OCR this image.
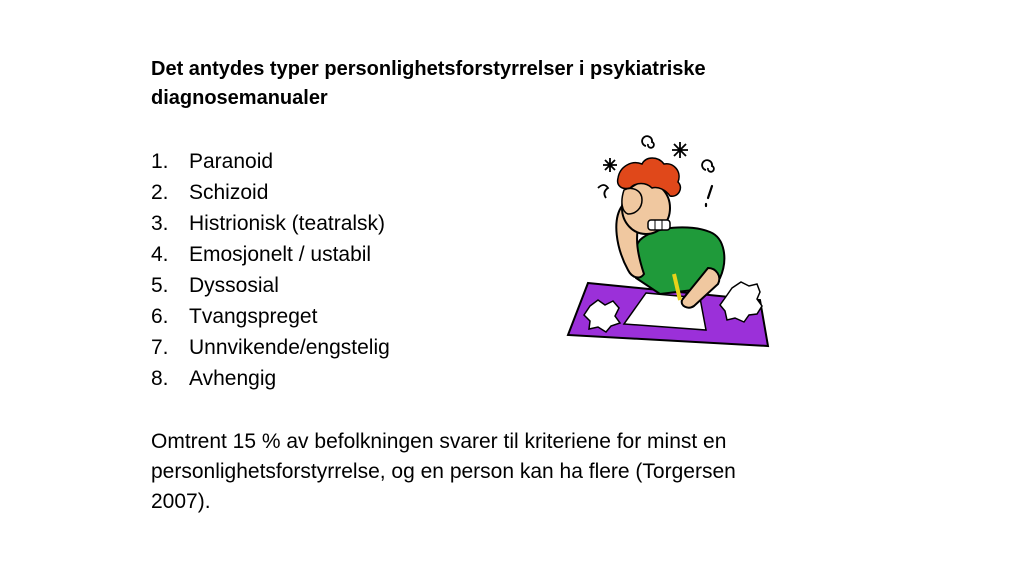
Det antydes typer personlighetsforstyrrelser i psykiatriske diagnosemanualer

1. Paranoid
2. Schizoid
3. Histrionisk (teatralsk)
4. Emosjonelt / ustabil
5. Dyssosial
6. Tvangspreget
7. Unnvikende/engstelig
8. Avhengig

Omtrent 15 % av befolkningen svarer til kriteriene for minst en personlighetsforstyrrelse, og en person kan ha flere (Torgersen 2007).
